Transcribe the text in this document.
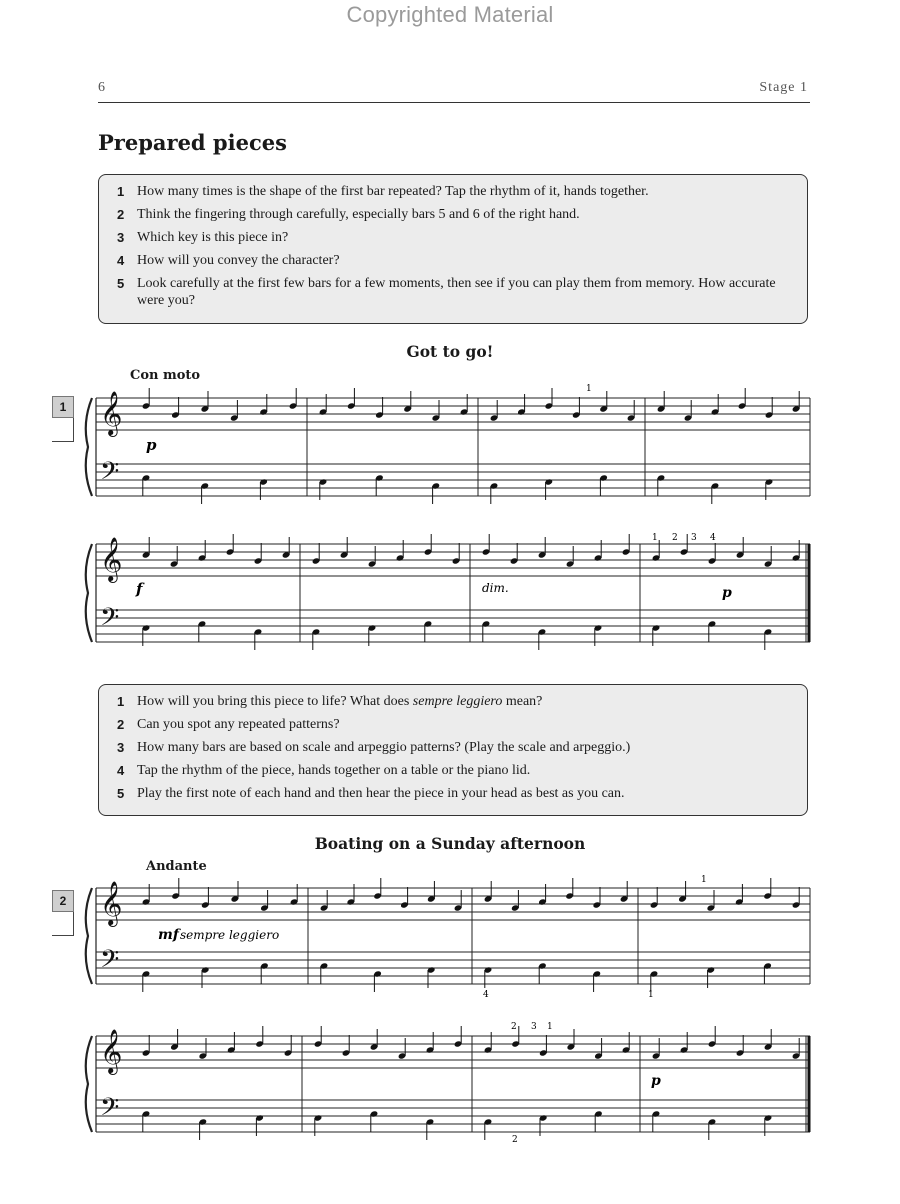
Copyrighted Material
6	Stage 1
Prepared pieces
1 How many times is the shape of the first bar repeated? Tap the rhythm of it, hands together.
2 Think the fingering through carefully, especially bars 5 and 6 of the right hand.
3 Which key is this piece in?
4 How will you convey the character?
5 Look carefully at the first few bars for a few moments, then see if you can play them from memory. How accurate were you?
Got to go!
Con moto
1
1 How will you bring this piece to life? What does sempre leggiero mean?
2 Can you spot any repeated patterns?
3 How many bars are based on scale and arpeggio patterns? (Play the scale and arpeggio.)
4 Tap the rhythm of the piece, hands together on a table or the piano lid.
5 Play the first note of each hand and then hear the piece in your head as best as you can.
Boating on a Sunday afternoon
Andante
2
𝄞
𝄢
𝄞
𝄢
𝄞
𝄢
𝄞
𝄢
p
f	dim.	p
1
1 2 3 4
mf sempre leggiero
p
1
4	1
2 3 1
2
